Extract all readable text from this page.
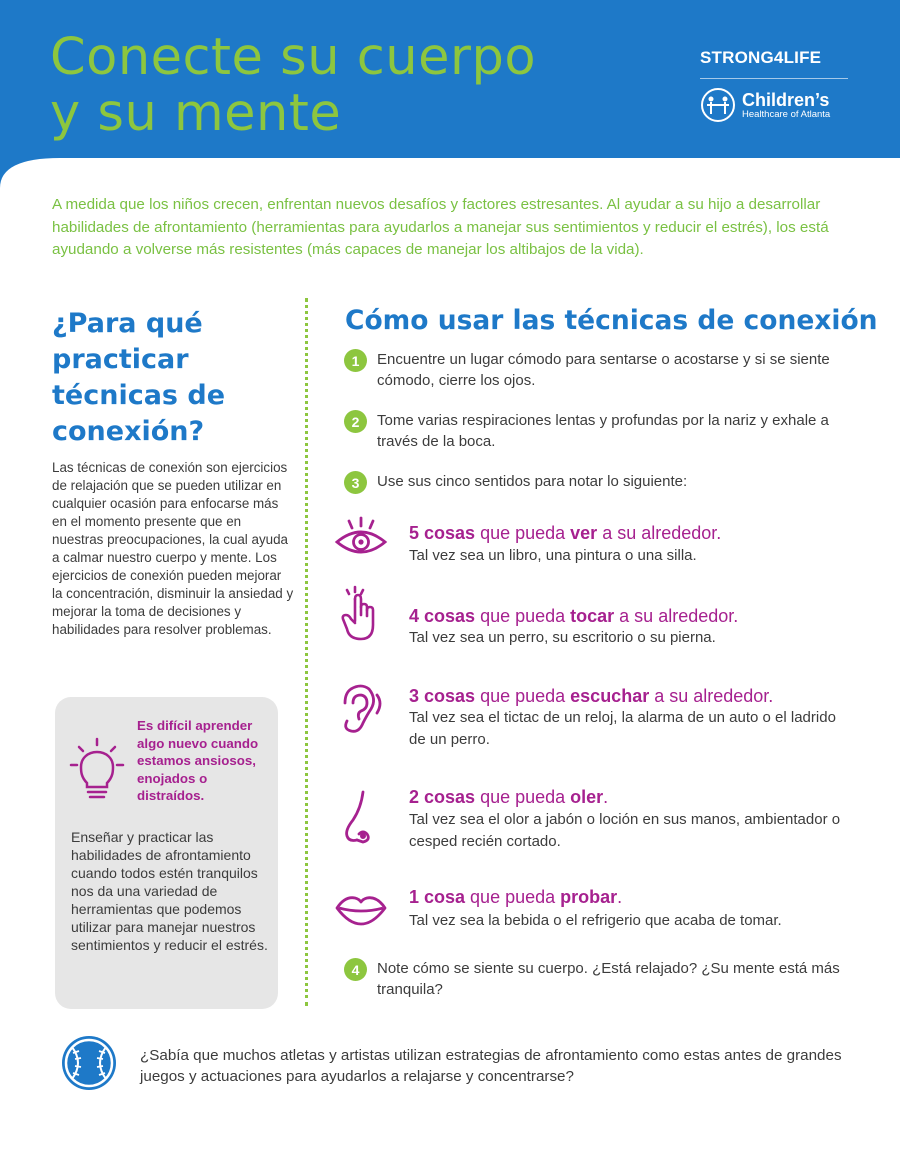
Conecte su cuerpo
y su mente
STRONG4LIFE
Children’s
Healthcare of Atlanta

A medida que los niños crecen, enfrentan nuevos desafíos y factores estresantes. Al ayudar a su hijo a desarrollar habilidades de afrontamiento (herramientas para ayudarlos a manejar sus sentimientos y reducir el estrés), los está ayudando a volverse más resistentes (más capaces de manejar los altibajos de la vida).

¿Para qué practicar técnicas de conexión?

Las técnicas de conexión son ejercicios de relajación que se pueden utilizar en cualquier ocasión para enfocarse más en el momento presente que en nuestras preocupaciones, la cual ayuda a calmar nuestro cuerpo y mente. Los ejercicios de conexión pueden mejorar la concentración, disminuir la ansiedad y mejorar la toma de decisiones y habilidades para resolver problemas.

Es difícil aprender algo nuevo cuando estamos ansiosos, enojados o distraídos.

Enseñar y practicar las habilidades de afrontamiento cuando todos estén tranquilos nos da una variedad de herramientas que podemos utilizar para manejar nuestros sentimientos y reducir el estrés.

Cómo usar las técnicas de conexión
1	Encuentre un lugar cómodo para sentarse o acostarse y si se siente cómodo, cierre los ojos.
2	Tome varias respiraciones lentas y profundas por la nariz y exhale a través de la boca.
3	Use sus cinco sentidos para notar lo siguiente:
5 cosas que pueda ver a su alrededor.
Tal vez sea un libro, una pintura o una silla.
4 cosas que pueda tocar a su alrededor.
Tal vez sea un perro, su escritorio o su pierna.
3 cosas que pueda escuchar a su alrededor.
Tal vez sea el tictac de un reloj, la alarma de un auto o el ladrido de un perro.
2 cosas que pueda oler.
Tal vez sea el olor a jabón o loción en sus manos, ambientador o cesped recién cortado.
1 cosa que pueda probar.
Tal vez sea la bebida o el refrigerio que acaba de tomar.
4	Note cómo se siente su cuerpo. ¿Está relajado? ¿Su mente está más tranquila?

¿Sabía que muchos atletas y artistas utilizan estrategias de afrontamiento como estas antes de grandes juegos y actuaciones para ayudarlos a relajarse y concentrarse?
